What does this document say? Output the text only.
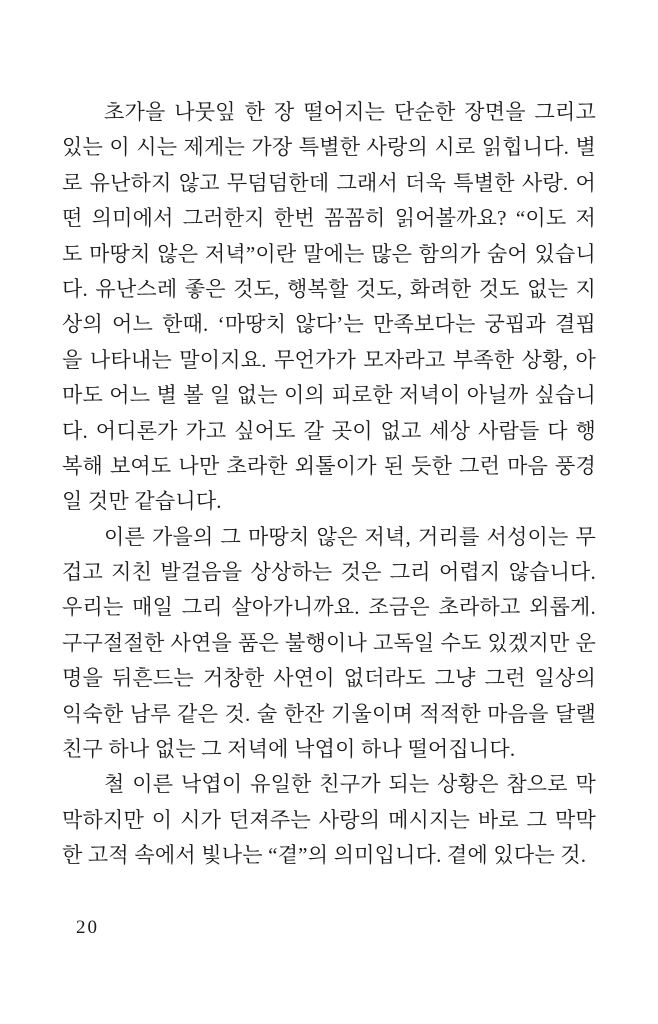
초가을 나뭇잎 한 장 떨어지는 단순한 장면을 그리고
있는 이 시는 제게는 가장 특별한 사랑의 시로 읽힙니다. 별
로 유난하지 않고 무덤덤한데 그래서 더욱 특별한 사랑. 어
떤 의미에서 그러한지 한번 꼼꼼히 읽어볼까요? “이도 저
도 마땅치 않은 저녁”이란 말에는 많은 함의가 숨어 있습니
다. 유난스레 좋은 것도, 행복할 것도, 화려한 것도 없는 지
상의 어느 한때. ‘마땅치 않다’는 만족보다는 궁핍과 결핍
을 나타내는 말이지요. 무언가가 모자라고 부족한 상황, 아
마도 어느 별 볼 일 없는 이의 피로한 저녁이 아닐까 싶습니
다. 어디론가 가고 싶어도 갈 곳이 없고 세상 사람들 다 행
복해 보여도 나만 초라한 외톨이가 된 듯한 그런 마음 풍경
일 것만 같습니다.
이른 가을의 그 마땅치 않은 저녁, 거리를 서성이는 무
겁고 지친 발걸음을 상상하는 것은 그리 어렵지 않습니다.
우리는 매일 그리 살아가니까요. 조금은 초라하고 외롭게.
구구절절한 사연을 품은 불행이나 고독일 수도 있겠지만 운
명을 뒤흔드는 거창한 사연이 없더라도 그냥 그런 일상의
익숙한 남루 같은 것. 술 한잔 기울이며 적적한 마음을 달랠
친구 하나 없는 그 저녁에 낙엽이 하나 떨어집니다.
철 이른 낙엽이 유일한 친구가 되는 상황은 참으로 막
막하지만 이 시가 던져주는 사랑의 메시지는 바로 그 막막
한 고적 속에서 빛나는 “곁”의 의미입니다. 곁에 있다는 것.
20
